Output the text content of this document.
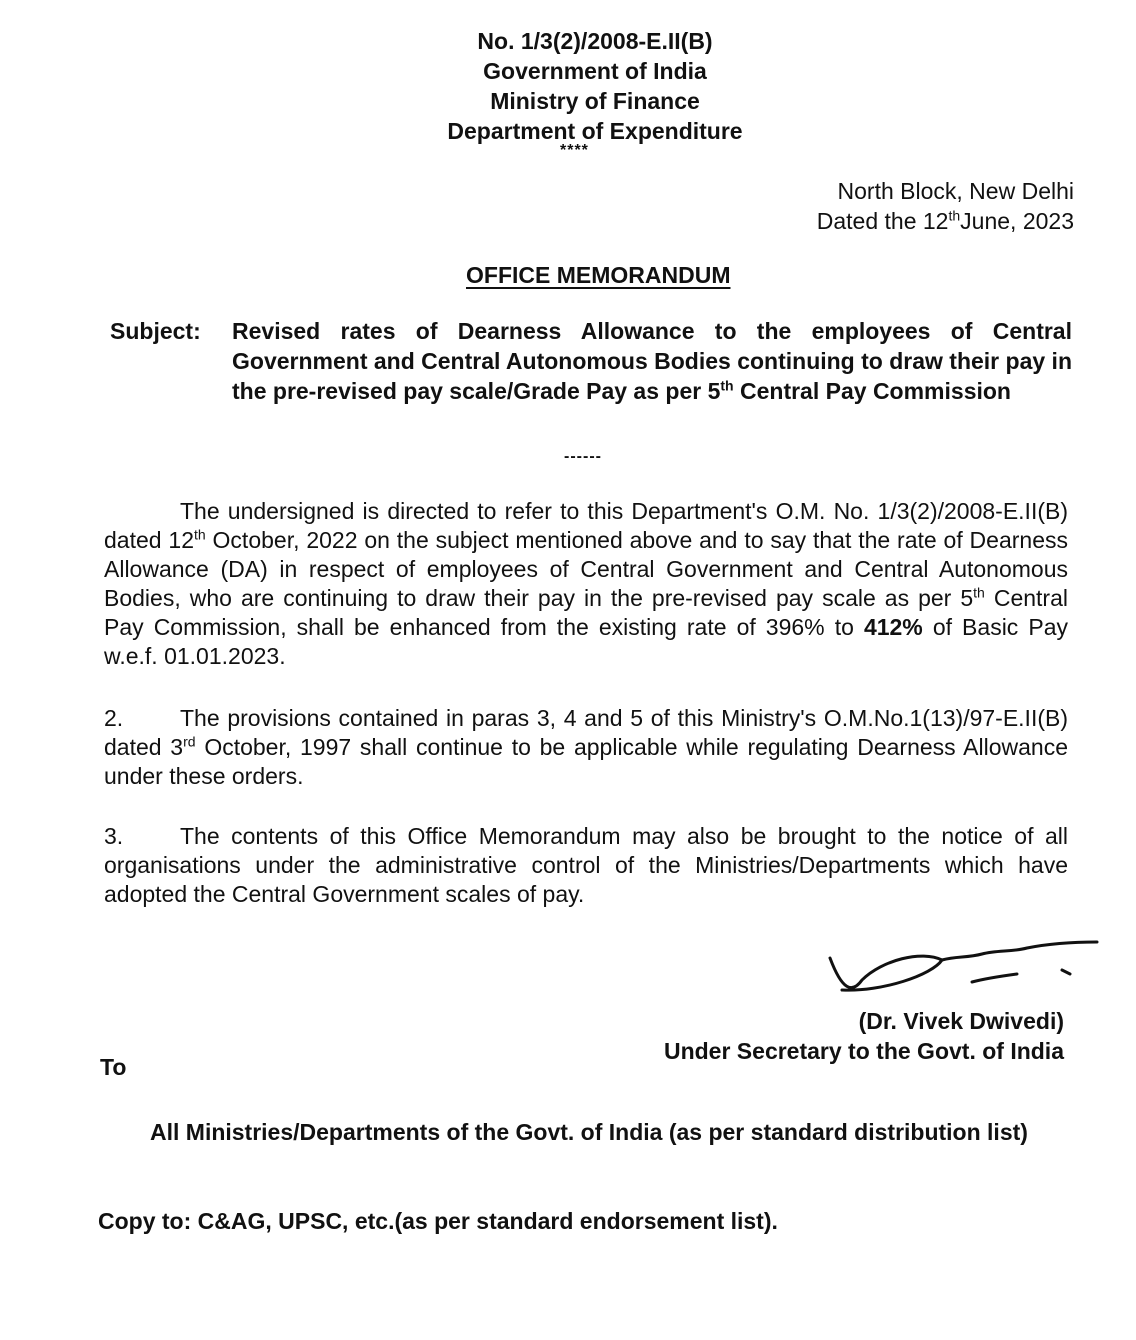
No. 1/3(2)/2008-E.II(B)
Government of India
Ministry of Finance
Department of Expenditure
****
North Block, New Delhi
Dated the 12thJune, 2023
OFFICE MEMORANDUM
Subject: Revised rates of Dearness Allowance to the employees of Central Government and Central Autonomous Bodies continuing to draw their pay in the pre-revised pay scale/Grade Pay as per 5th Central Pay Commission
------
The undersigned is directed to refer to this Department's O.M. No. 1/3(2)/2008-E.II(B) dated 12th October, 2022 on the subject mentioned above and to say that the rate of Dearness Allowance (DA) in respect of employees of Central Government and Central Autonomous Bodies, who are continuing to draw their pay in the pre-revised pay scale as per 5th Central Pay Commission, shall be enhanced from the existing rate of 396% to 412% of Basic Pay w.e.f. 01.01.2023.
2. The provisions contained in paras 3, 4 and 5 of this Ministry's O.M.No.1(13)/97-E.II(B) dated 3rd October, 1997 shall continue to be applicable while regulating Dearness Allowance under these orders.
3. The contents of this Office Memorandum may also be brought to the notice of all organisations under the administrative control of the Ministries/Departments which have adopted the Central Government scales of pay.
(Dr. Vivek Dwivedi)
Under Secretary to the Govt. of India
To
All Ministries/Departments of the Govt. of India (as per standard distribution list)
Copy to: C&AG, UPSC, etc.(as per standard endorsement list).
